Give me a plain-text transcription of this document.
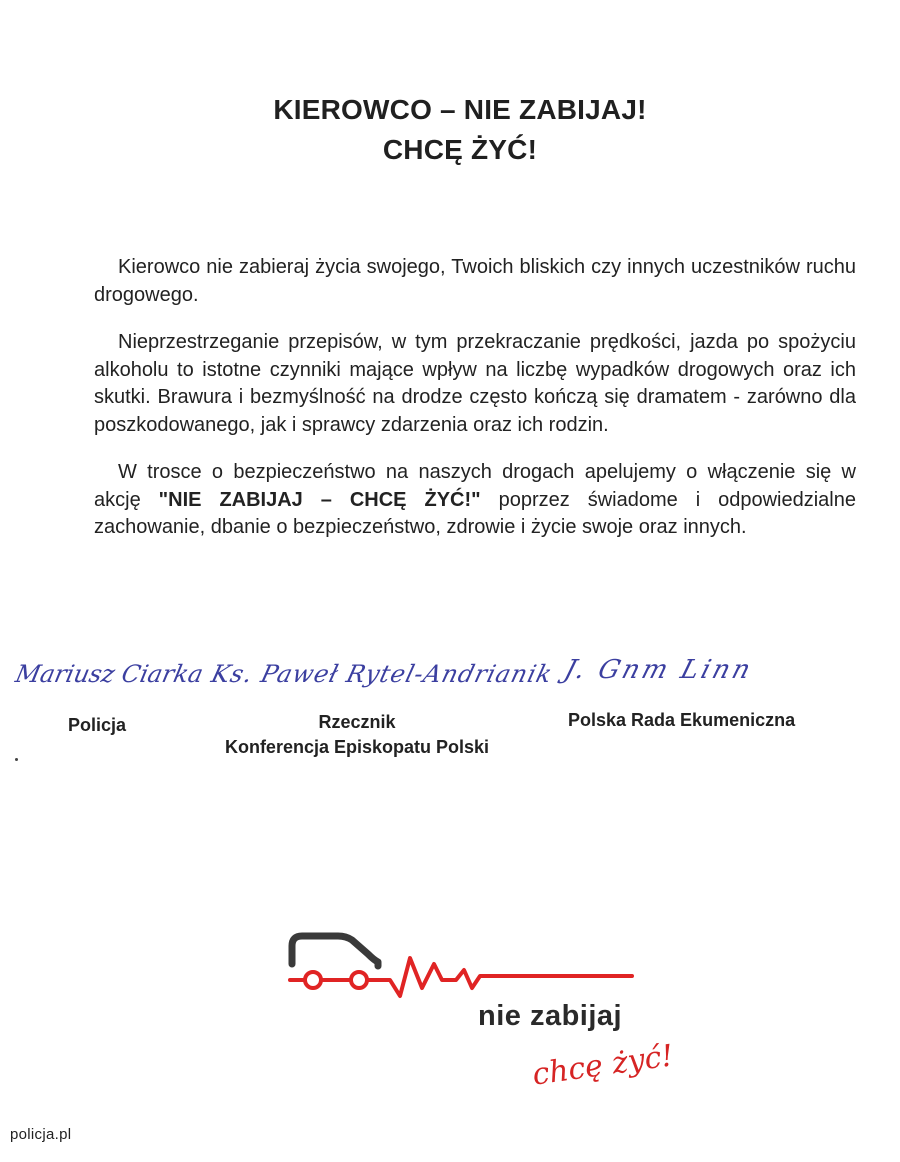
KIEROWCO – NIE ZABIJAJ!
CHCĘ ŻYĆ!

Kierowco nie zabieraj życia swojego, Twoich bliskich czy innych uczestników ruchu drogowego.

Nieprzestrzeganie przepisów, w tym przekraczanie prędkości, jazda po spożyciu alkoholu to istotne czynniki mające wpływ na liczbę wypadków drogowych oraz ich skutki. Brawura i bezmyślność na drodze często kończą się dramatem - zarówno dla poszkodowanego, jak i sprawcy zdarzenia oraz ich rodzin.

W trosce o bezpieczeństwo na naszych drogach apelujemy o włączenie się w akcję "NIE ZABIJAJ – CHCĘ ŻYĆ!" poprzez świadome i odpowiedzialne zachowanie, dbanie o bezpieczeństwo, zdrowie i życie swoje oraz innych.

Mariusz Ciarka Ks. Paweł Rytel-Andrianik J. Gnm Linn
Policja	Rzecznik
Konferencja Episkopatu Polski
Polska Rada Ekumeniczna
nie zabijaj
chcę żyć!
policja.pl
